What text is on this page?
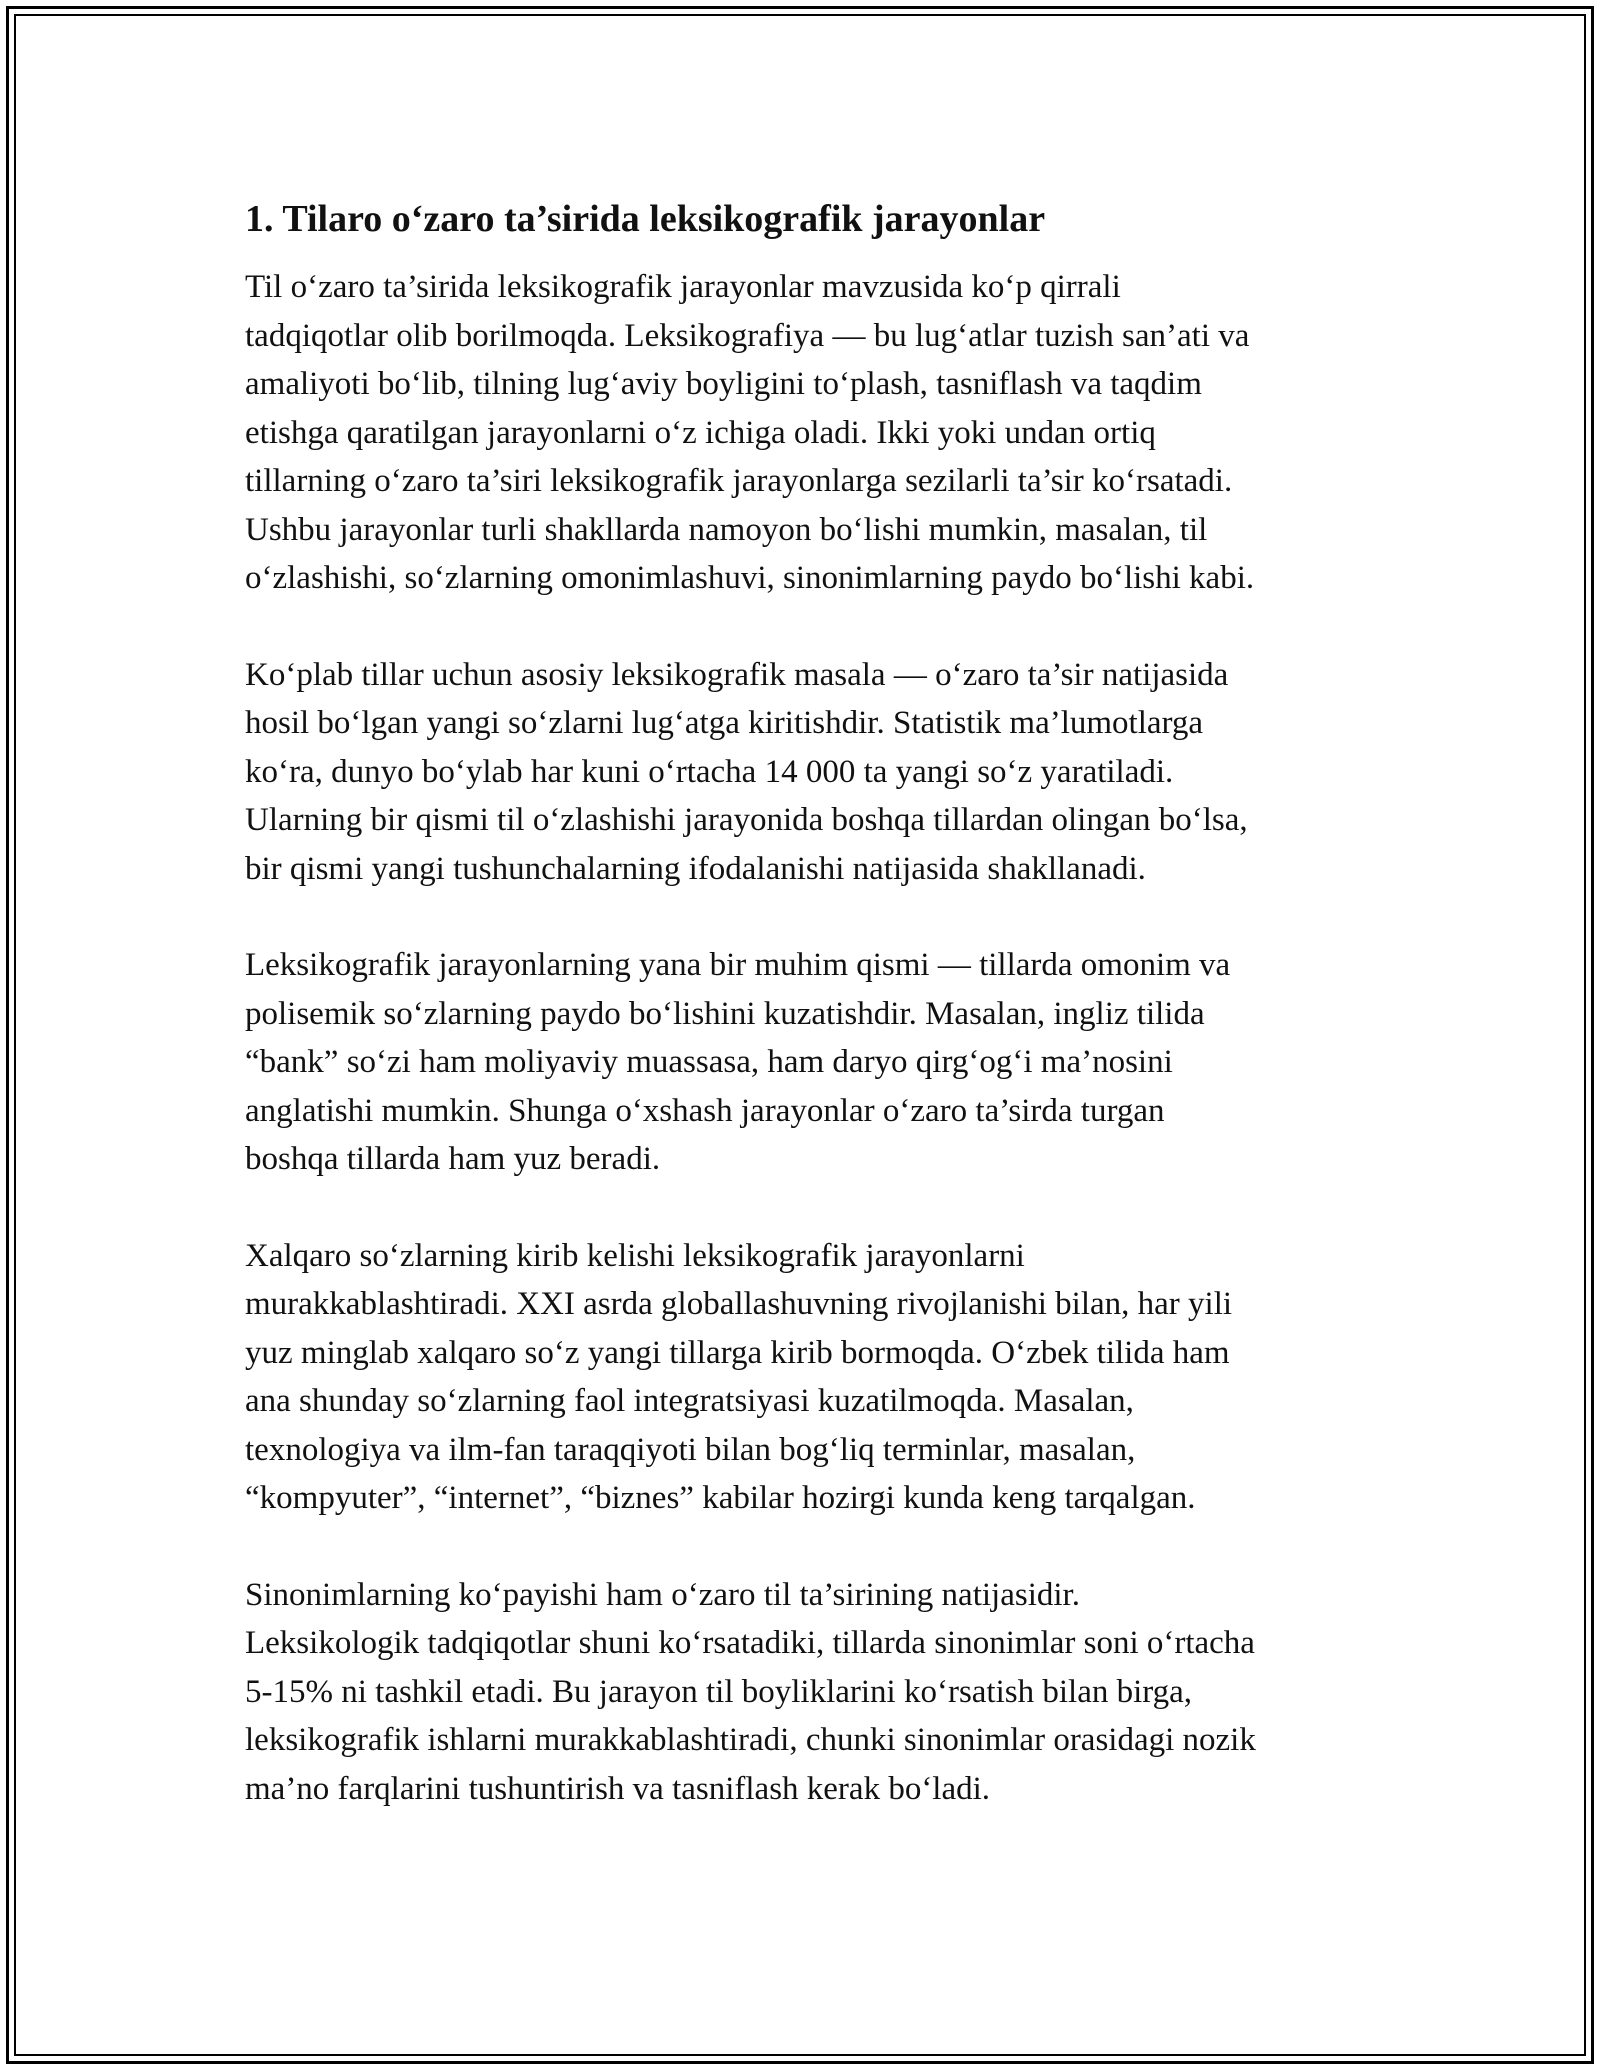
1. Tilaro o‘zaro ta’sirida leksikografik jarayonlar

Til o‘zaro ta’sirida leksikografik jarayonlar mavzusida ko‘p qirrali
tadqiqotlar olib borilmoqda. Leksikografiya — bu lug‘atlar tuzish san’ati va
amaliyoti bo‘lib, tilning lug‘aviy boyligini to‘plash, tasniflash va taqdim
etishga qaratilgan jarayonlarni o‘z ichiga oladi. Ikki yoki undan ortiq
tillarning o‘zaro ta’siri leksikografik jarayonlarga sezilarli ta’sir ko‘rsatadi.
Ushbu jarayonlar turli shakllarda namoyon bo‘lishi mumkin, masalan, til
o‘zlashishi, so‘zlarning omonimlashuvi, sinonimlarning paydo bo‘lishi kabi.

Ko‘plab tillar uchun asosiy leksikografik masala — o‘zaro ta’sir natijasida
hosil bo‘lgan yangi so‘zlarni lug‘atga kiritishdir. Statistik ma’lumotlarga
ko‘ra, dunyo bo‘ylab har kuni o‘rtacha 14 000 ta yangi so‘z yaratiladi.
Ularning bir qismi til o‘zlashishi jarayonida boshqa tillardan olingan bo‘lsa,
bir qismi yangi tushunchalarning ifodalanishi natijasida shakllanadi.

Leksikografik jarayonlarning yana bir muhim qismi — tillarda omonim va
polisemik so‘zlarning paydo bo‘lishini kuzatishdir. Masalan, ingliz tilida
“bank” so‘zi ham moliyaviy muassasa, ham daryo qirg‘og‘i ma’nosini
anglatishi mumkin. Shunga o‘xshash jarayonlar o‘zaro ta’sirda turgan
boshqa tillarda ham yuz beradi.

Xalqaro so‘zlarning kirib kelishi leksikografik jarayonlarni
murakkablashtiradi. XXI asrda globallashuvning rivojlanishi bilan, har yili
yuz minglab xalqaro so‘z yangi tillarga kirib bormoqda. O‘zbek tilida ham
ana shunday so‘zlarning faol integratsiyasi kuzatilmoqda. Masalan,
texnologiya va ilm-fan taraqqiyoti bilan bog‘liq terminlar, masalan,
“kompyuter”, “internet”, “biznes” kabilar hozirgi kunda keng tarqalgan.

Sinonimlarning ko‘payishi ham o‘zaro til ta’sirining natijasidir.
Leksikologik tadqiqotlar shuni ko‘rsatadiki, tillarda sinonimlar soni o‘rtacha
5-15% ni tashkil etadi. Bu jarayon til boyliklarini ko‘rsatish bilan birga,
leksikografik ishlarni murakkablashtiradi, chunki sinonimlar orasidagi nozik
ma’no farqlarini tushuntirish va tasniflash kerak bo‘ladi.
